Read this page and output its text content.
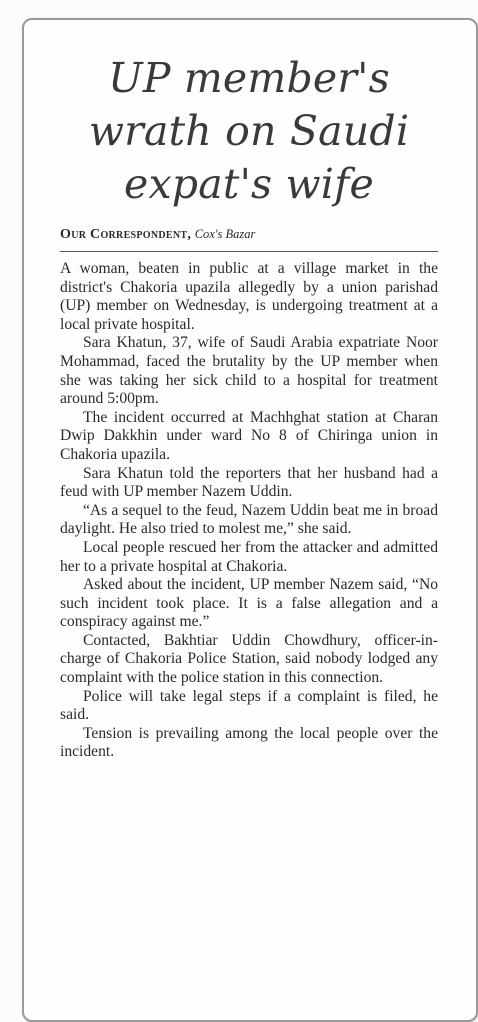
UP member's wrath on Saudi expat's wife
Our Correspondent, Cox's Bazar

A woman, beaten in public at a village market in the district's Chakoria upazila allegedly by a union parishad (UP) member on Wednesday, is undergoing treatment at a local private hospital.

Sara Khatun, 37, wife of Saudi Arabia expatriate Noor Mohammad, faced the brutality by the UP member when she was taking her sick child to a hospital for treatment around 5:00pm.

The incident occurred at Machhghat station at Charan Dwip Dakkhin under ward No 8 of Chiringa union in Chakoria upazila.

Sara Khatun told the reporters that her husband had a feud with UP member Nazem Uddin.

“As a sequel to the feud, Nazem Uddin beat me in broad daylight. He also tried to molest me,” she said.

Local people rescued her from the attacker and admitted her to a private hospital at Chakoria.

Asked about the incident, UP member Nazem said, “No such incident took place. It is a false allegation and a conspiracy against me.”

Contacted, Bakhtiar Uddin Chowdhury, officer-in-charge of Chakoria Police Station, said nobody lodged any complaint with the police station in this connection.

Police will take legal steps if a complaint is filed, he said.

Tension is prevailing among the local people over the incident.
